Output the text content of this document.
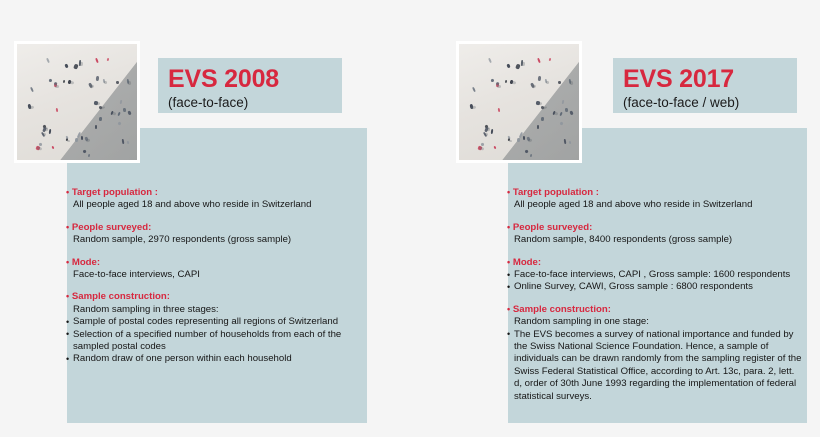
EVS 2008
(face-to-face)
• Target population :
All people aged 18 and above who reside in Switzerland
• People surveyed:
Random sample, 2970 respondents (gross sample)
• Mode:
Face-to-face interviews, CAPI
• Sample construction:
Random sampling in three stages:
• Sample of postal codes representing all regions of Switzerland
• Selection of a specified number of households from each of the sampled postal codes
• Random draw of one person within each household
EVS 2017
(face-to-face / web)
• Target population :
All people aged 18 and above who reside in Switzerland
• People surveyed:
Random sample, 8400 respondents (gross sample)
• Mode:
• Face-to-face interviews, CAPI , Gross sample: 1600 respondents
• Online Survey, CAWI, Gross sample : 6800 respondents
• Sample construction:
Random sampling in one stage:
• The EVS becomes a survey of national importance and funded by the Swiss National Science Foundation. Hence, a sample of individuals can be drawn randomly from the sampling register of the Swiss Federal Statistical Office, according to Art. 13c, para. 2, lett. d, order of 30th June 1993 regarding the implementation of federal statistical surveys.
